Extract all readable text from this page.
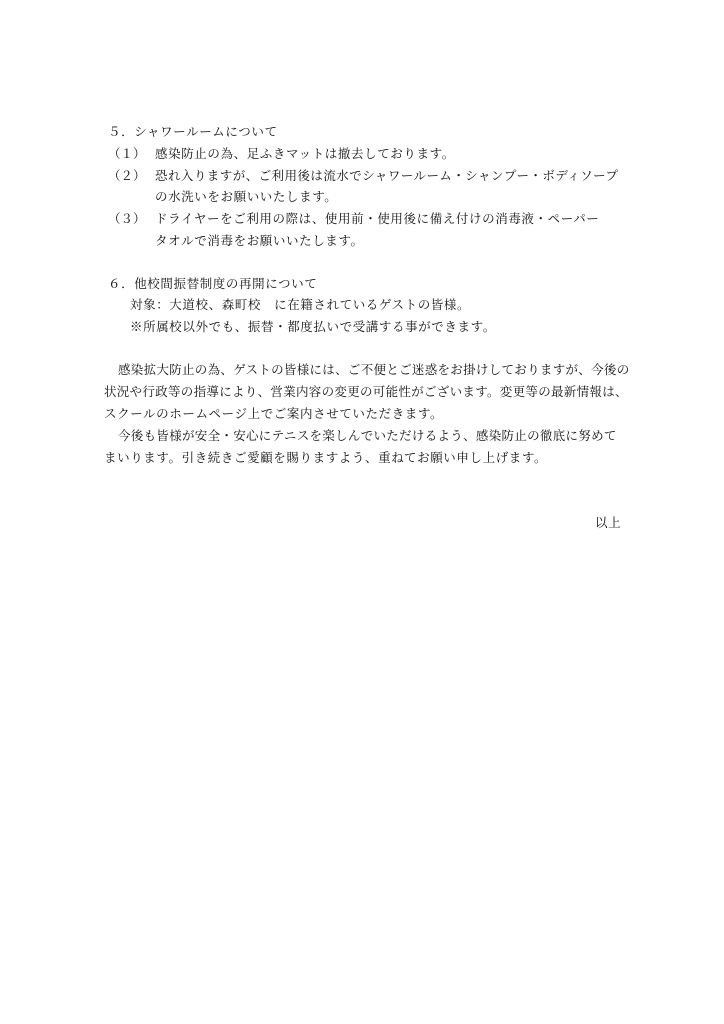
５．シャワールームについて
（１） 感染防止の為、足ふきマットは撤去しております。
（２） 恐れ入りますが、ご利用後は流水でシャワールーム・シャンプー・ボディソープ
の水洗いをお願いいたします。
（３） ドライヤーをご利用の際は、使用前・使用後に備え付けの消毒液・ペーパー
タオルで消毒をお願いいたします。
６．他校間振替制度の再開について
対象：大道校、森町校　に在籍されているゲストの皆様。
※所属校以外でも、振替・都度払いで受講する事ができます。
感染拡大防止の為、ゲストの皆様には、ご不便とご迷惑をお掛けしておりますが、今後の
状況や行政等の指導により、営業内容の変更の可能性がございます。変更等の最新情報は、
スクールのホームページ上でご案内させていただきます。
今後も皆様が安全・安心にテニスを楽しんでいただけるよう、感染防止の徹底に努めて
まいります。引き続きご愛顧を賜りますよう、重ねてお願い申し上げます。
以上
